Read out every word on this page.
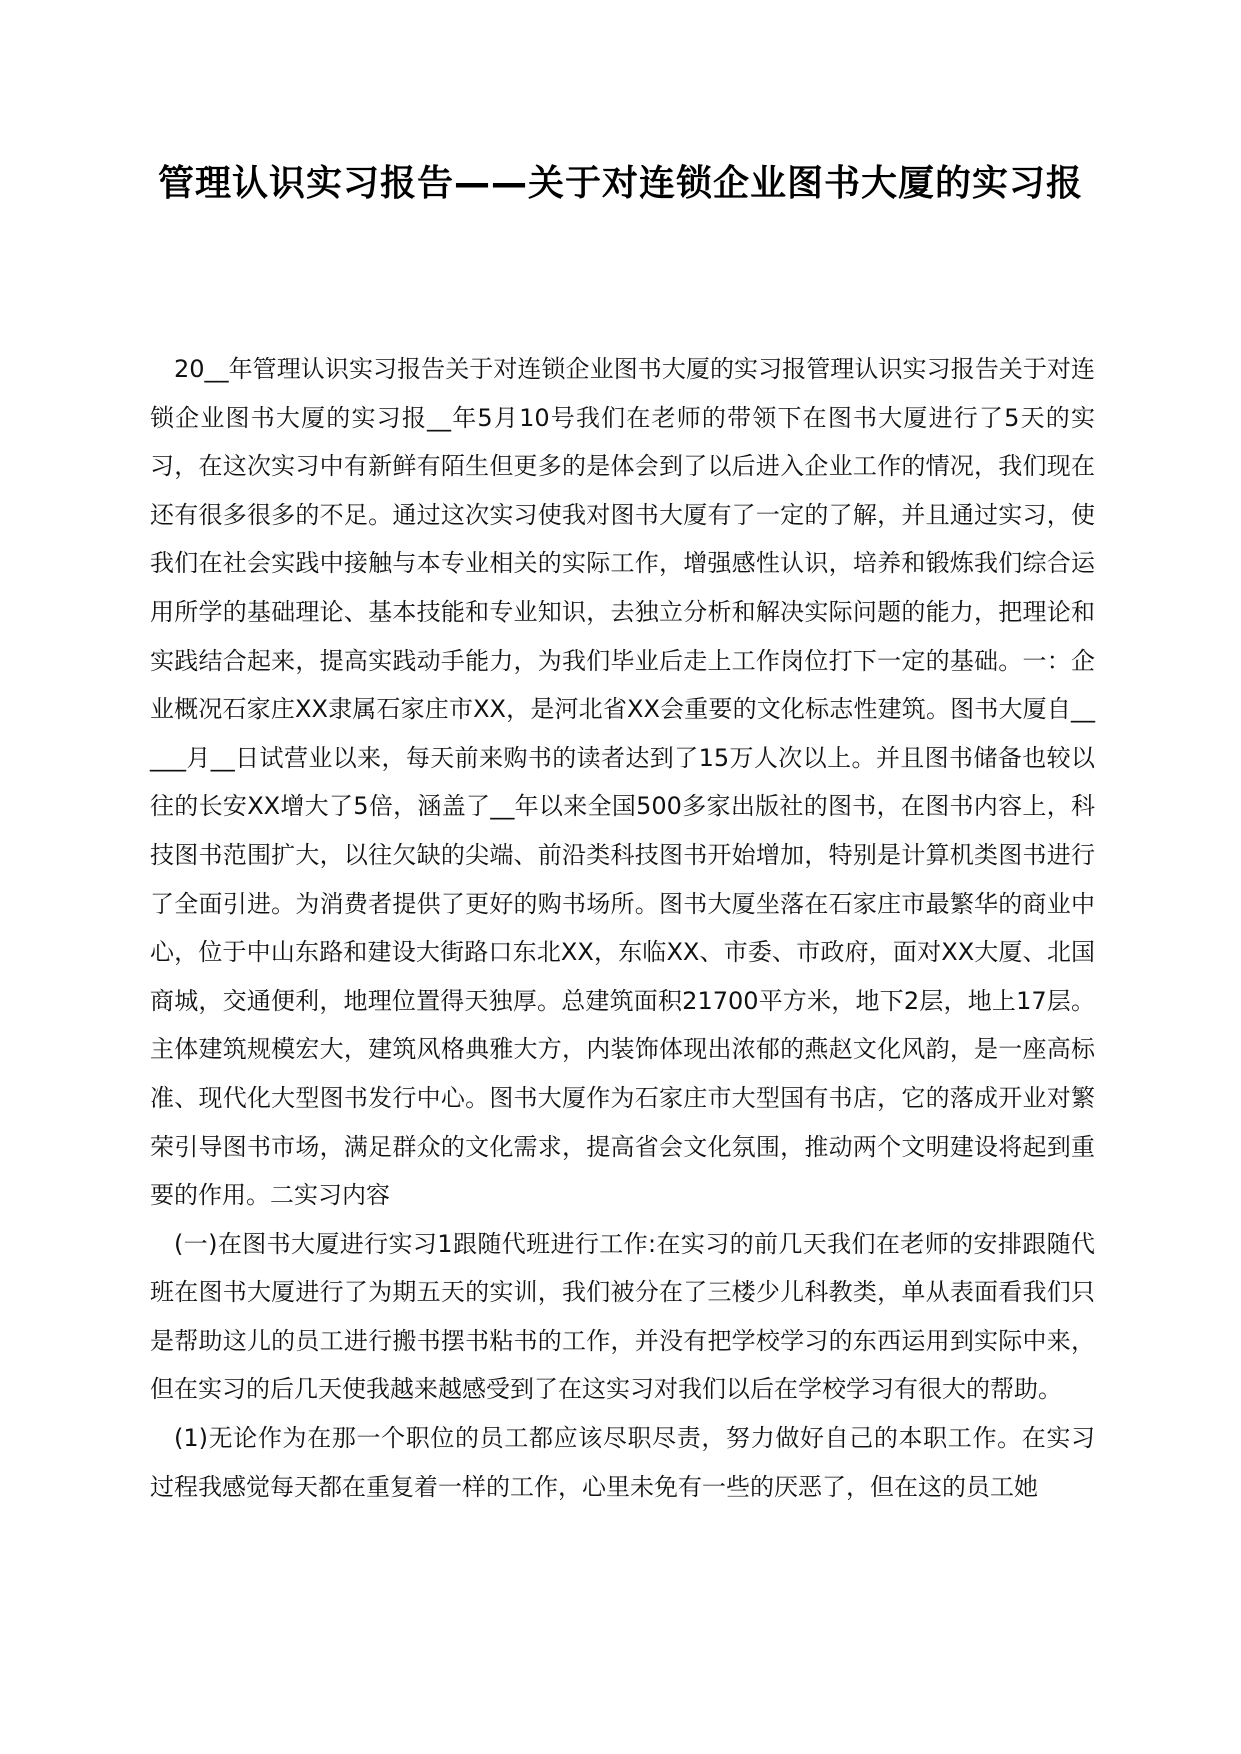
管理认识实习报告——关于对连锁企业图书大厦的实习报

20__年管理认识实习报告关于对连锁企业图书大厦的实习报管理认识实习报告关于对连锁企业图书大厦的实习报__年5月10号我们在老师的带领下在图书大厦进行了5天的实习，在这次实习中有新鲜有陌生但更多的是体会到了以后进入企业工作的情况，我们现在还有很多很多的不足。通过这次实习使我对图书大厦有了一定的了解，并且通过实习，使我们在社会实践中接触与本专业相关的实际工作，增强感性认识，培养和锻炼我们综合运用所学的基础理论、基本技能和专业知识，去独立分析和解决实际问题的能力，把理论和实践结合起来，提高实践动手能力，为我们毕业后走上工作岗位打下一定的基础。一：企业概况石家庄XX隶属石家庄市XX，是河北省XX会重要的文化标志性建筑。图书大厦自_____月__日试营业以来，每天前来购书的读者达到了15万人次以上。并且图书储备也较以往的长安XX增大了5倍，涵盖了__年以来全国500多家出版社的图书，在图书内容上，科技图书范围扩大，以往欠缺的尖端、前沿类科技图书开始增加，特别是计算机类图书进行了全面引进。为消费者提供了更好的购书场所。图书大厦坐落在石家庄市最繁华的商业中心，位于中山东路和建设大街路口东北XX，东临XX、市委、市政府，面对XX大厦、北国商城，交通便利，地理位置得天独厚。总建筑面积21700平方米，地下2层，地上17层。主体建筑规模宏大，建筑风格典雅大方，内装饰体现出浓郁的燕赵文化风韵，是一座高标准、现代化大型图书发行中心。图书大厦作为石家庄市大型国有书店，它的落成开业对繁荣引导图书市场，满足群众的文化需求，提高省会文化氛围，推动两个文明建设将起到重要的作用。二实习内容

(一)在图书大厦进行实习1跟随代班进行工作:在实习的前几天我们在老师的安排跟随代班在图书大厦进行了为期五天的实训，我们被分在了三楼少儿科教类，单从表面看我们只是帮助这儿的员工进行搬书摆书粘书的工作，并没有把学校学习的东西运用到实际中来，但在实习的后几天使我越来越感受到了在这实习对我们以后在学校学习有很大的帮助。

(1)无论作为在那一个职位的员工都应该尽职尽责，努力做好自己的本职工作。在实习过程我感觉每天都在重复着一样的工作，心里未免有一些的厌恶了，但在这的员工她
